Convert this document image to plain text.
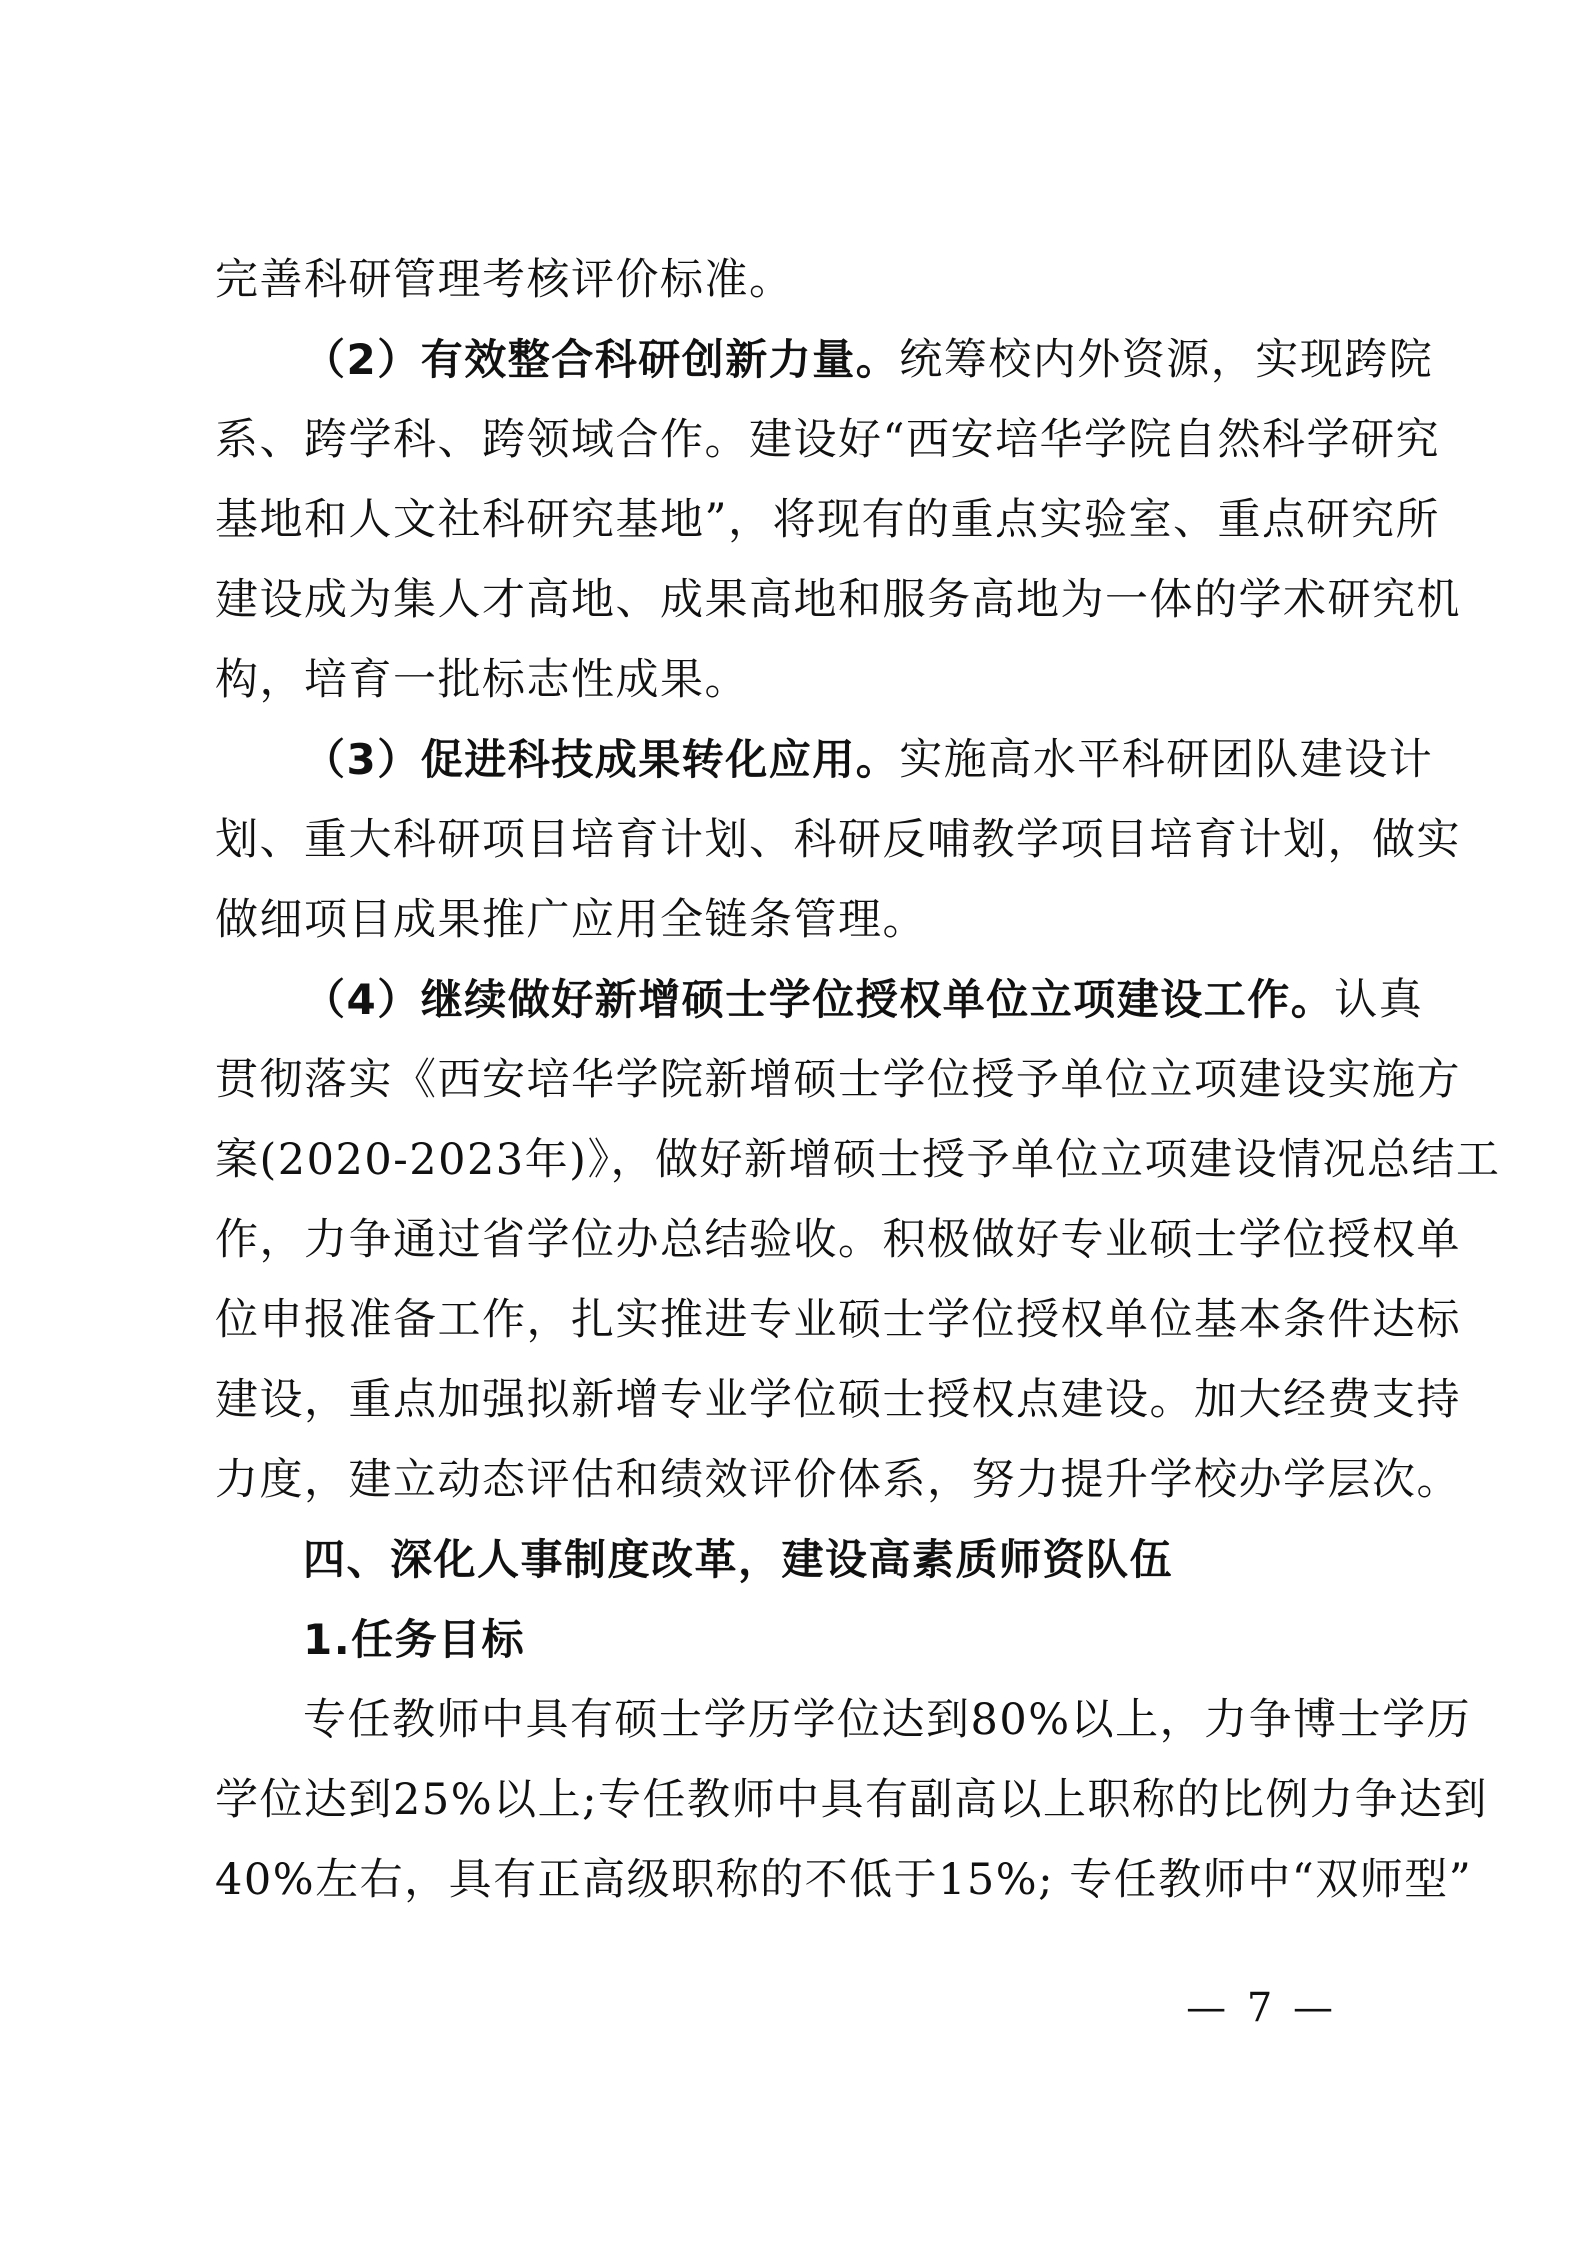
完善科研管理考核评价标准。
（2）有效整合科研创新力量。统筹校内外资源，实现跨院
系、跨学科、跨领域合作。建设好“西安培华学院自然科学研究
基地和人文社科研究基地”，将现有的重点实验室、重点研究所
建设成为集人才高地、成果高地和服务高地为一体的学术研究机
构，培育一批标志性成果。
（3）促进科技成果转化应用。实施高水平科研团队建设计
划、重大科研项目培育计划、科研反哺教学项目培育计划，做实
做细项目成果推广应用全链条管理。
（4）继续做好新增硕士学位授权单位立项建设工作。认真
贯彻落实《西安培华学院新增硕士学位授予单位立项建设实施方
案(2020-2023年)》，做好新增硕士授予单位立项建设情况总结工
作，力争通过省学位办总结验收。积极做好专业硕士学位授权单
位申报准备工作，扎实推进专业硕士学位授权单位基本条件达标
建设，重点加强拟新增专业学位硕士授权点建设。加大经费支持
力度，建立动态评估和绩效评价体系，努力提升学校办学层次。
四、深化人事制度改革，建设高素质师资队伍
1.任务目标
专任教师中具有硕士学历学位达到80%以上，力争博士学历
学位达到25%以上;专任教师中具有副高以上职称的比例力争达到
40%左右，具有正高级职称的不低于15%; 专任教师中“双师型”
— 7 —
